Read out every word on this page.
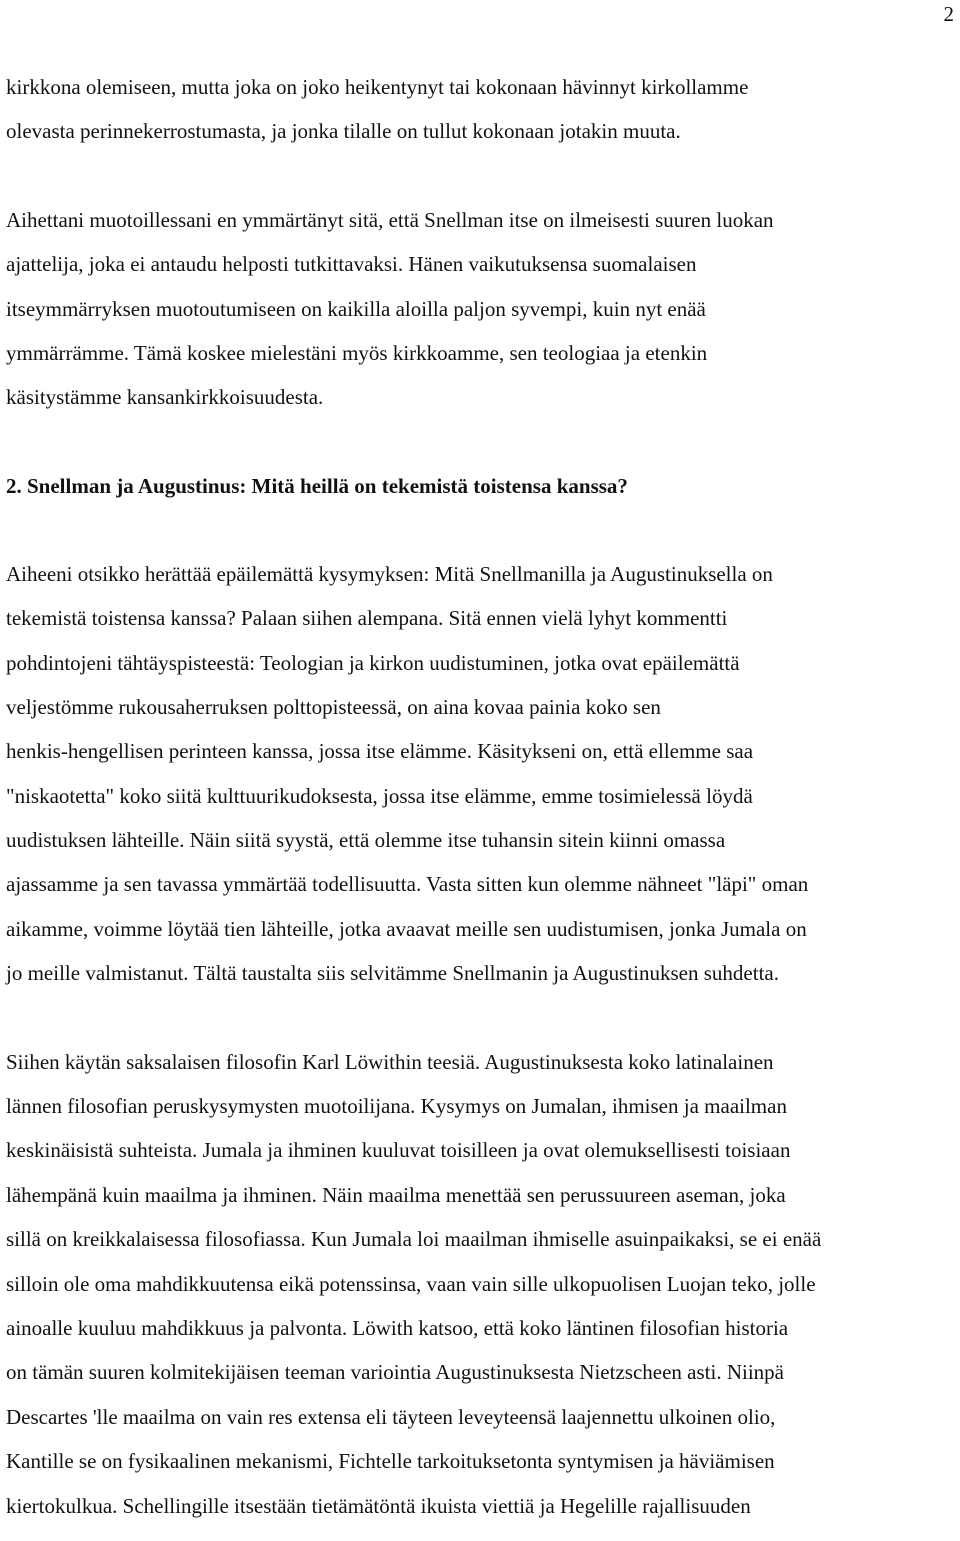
2
kirkkona olemiseen, mutta joka on joko heikentynyt tai kokonaan hävinnyt kirkollamme
olevasta perinnekerrostumasta, ja jonka tilalle on tullut kokonaan jotakin muuta.
Aihettani muotoillessani en ymmärtänyt sitä, että Snellman itse on ilmeisesti suuren luokan
ajattelija, joka ei antaudu helposti tutkittavaksi. Hänen vaikutuksensa suomalaisen
itseymmärryksen muotoutumiseen on kaikilla aloilla paljon syvempi, kuin nyt enää
ymmärrämme. Tämä koskee mielestäni myös kirkkoamme, sen teologiaa ja etenkin
käsitystämme kansankirkkoisuudesta.
2. Snellman ja Augustinus: Mitä heillä on tekemistä toistensa kanssa?
Aiheeni otsikko herättää epäilemättä kysymyksen: Mitä Snellmanilla ja Augustinuksella on
tekemistä toistensa kanssa? Palaan siihen alempana. Sitä ennen vielä lyhyt kommentti
pohdintojeni tähtäyspisteestä: Teologian ja kirkon uudistuminen, jotka ovat epäilemättä
veljestömme rukousaherruksen polttopisteessä, on aina kovaa painia koko sen
henkis-hengellisen perinteen kanssa, jossa itse elämme. Käsitykseni on, että ellemme saa
"niskaotetta" koko siitä kulttuurikudoksesta, jossa itse elämme, emme tosimielessä löydä
uudistuksen lähteille. Näin siitä syystä, että olemme itse tuhansin sitein kiinni omassa
ajassamme ja sen tavassa ymmärtää todellisuutta. Vasta sitten kun olemme nähneet "läpi" oman
aikamme, voimme löytää tien lähteille, jotka avaavat meille sen uudistumisen, jonka Jumala on
jo meille valmistanut. Tältä taustalta siis selvitämme Snellmanin ja Augustinuksen suhdetta.
Siihen käytän saksalaisen filosofin Karl Löwithin teesiä. Augustinuksesta koko latinalainen
lännen filosofian peruskysymysten muotoilijana. Kysymys on Jumalan, ihmisen ja maailman
keskinäisistä suhteista. Jumala ja ihminen kuuluvat toisilleen ja ovat olemuksellisesti toisiaan
lähempänä kuin maailma ja ihminen. Näin maailma menettää sen perussuureen aseman, joka
sillä on kreikkalaisessa filosofiassa. Kun Jumala loi maailman ihmiselle asuinpaikaksi, se ei enää
silloin ole oma mahdikkuutensa eikä potenssinsa, vaan vain sille ulkopuolisen Luojan teko, jolle
ainoalle kuuluu mahdikkuus ja palvonta. Löwith katsoo, että koko läntinen filosofian historia
on tämän suuren kolmitekijäisen teeman variointia Augustinuksesta Nietzscheen asti. Niinpä
Descartes 'lle maailma on vain res extensa eli täyteen leveyteensä laajennettu ulkoinen olio,
Kantille se on fysikaalinen mekanismi, Fichtelle tarkoituksetonta syntymisen ja häviämisen
kiertokulkua. Schellingille itsestään tietämätöntä ikuista viettiä ja Hegelille rajallisuuden
